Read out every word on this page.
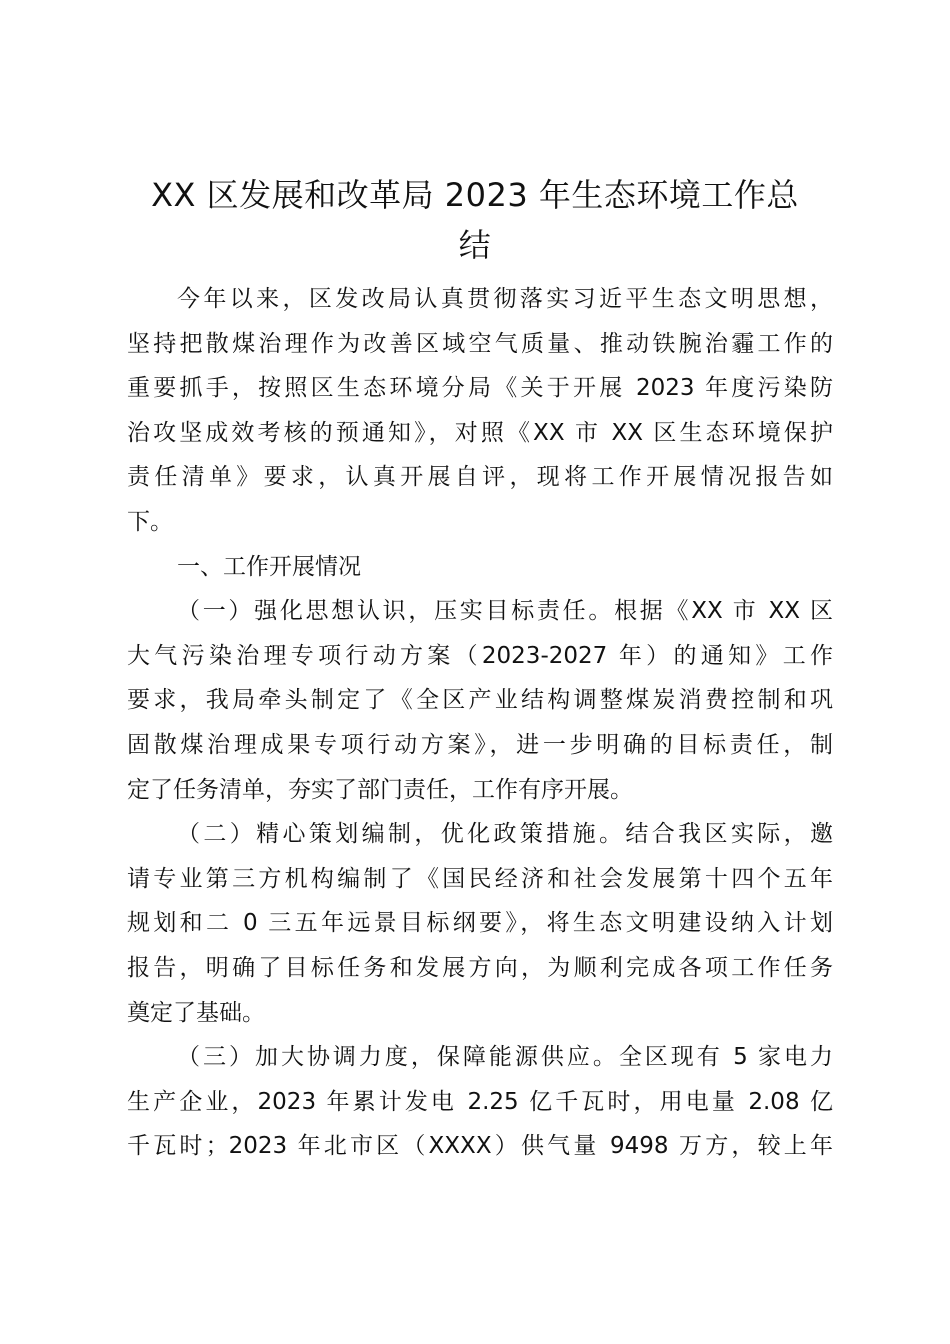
XX 区发展和改革局 2023 年生态环境工作总
结
今年以来，区发改局认真贯彻落实习近平生态文明思想，
坚持把散煤治理作为改善区域空气质量、推动铁腕治霾工作的
重要抓手，按照区生态环境分局《关于开展 2023 年度污染防
治攻坚成效考核的预通知》，对照《XX 市 XX 区生态环境保护
责任清单》要求，认真开展自评，现将工作开展情况报告如
下。
一、工作开展情况
（一）强化思想认识，压实目标责任。根据《XX 市 XX 区
大气污染治理专项行动方案（2023-2027 年）的通知》工作
要求，我局牵头制定了《全区产业结构调整煤炭消费控制和巩
固散煤治理成果专项行动方案》，进一步明确的目标责任，制
定了任务清单，夯实了部门责任，工作有序开展。
（二）精心策划编制，优化政策措施。结合我区实际，邀
请专业第三方机构编制了《国民经济和社会发展第十四个五年
规划和二 0 三五年远景目标纲要》，将生态文明建设纳入计划
报告，明确了目标任务和发展方向，为顺利完成各项工作任务
奠定了基础。
（三）加大协调力度，保障能源供应。全区现有 5 家电力
生产企业，2023 年累计发电 2.25 亿千瓦时，用电量 2.08 亿
千瓦时；2023 年北市区（XXXX）供气量 9498 万方，较上年
